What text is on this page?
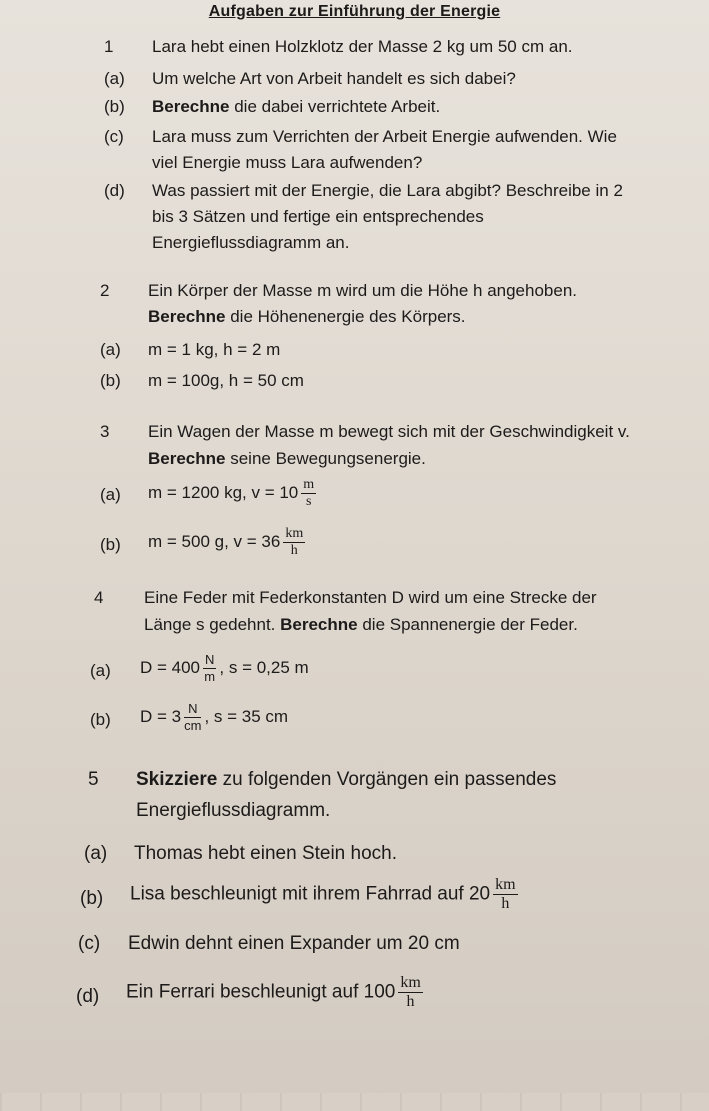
Aufgaben zur Einführung der Energie
1 Lara hebt einen Holzklotz der Masse 2 kg um 50 cm an.
(a) Um welche Art von Arbeit handelt es sich dabei?
(b) Berechne die dabei verrichtete Arbeit.
(c) Lara muss zum Verrichten der Arbeit Energie aufwenden. Wie
viel Energie muss Lara aufwenden?
(d) Was passiert mit der Energie, die Lara abgibt? Beschreibe in 2
bis 3 Sätzen und fertige ein entsprechendes
Energieflussdiagramm an.
2 Ein Körper der Masse m wird um die Höhe h angehoben.
Berechne die Höhenenergie des Körpers.
(a) m = 1 kg, h = 2 m
(b) m = 100g, h = 50 cm
3 Ein Wagen der Masse m bewegt sich mit der Geschwindigkeit v.
Berechne seine Bewegungsenergie.
(a) m = 1200 kg, $v = 10 \frac{m}{s}$
(b) m = 500 g, $v = 36 \frac{km}{h}$
4 Eine Feder mit Federkonstanten D wird um eine Strecke der
Länge s gedehnt. Berechne die Spannenergie der Feder.
(a) $D = 400 \frac{N}{m}$ , s = 0,25 m
(b) $D = 3 \frac{N}{cm}$ , s = 35 cm
5 Skizziere zu folgenden Vorgängen ein passendes
Energieflussdiagramm.
(a) Thomas hebt einen Stein hoch.
(b) Lisa beschleunigt mit ihrem Fahrrad auf $20 \frac{km}{h}$
(c) Edwin dehnt einen Expander um 20 cm
(d) Ein Ferrari beschleunigt auf $100 \frac{km}{h}$
